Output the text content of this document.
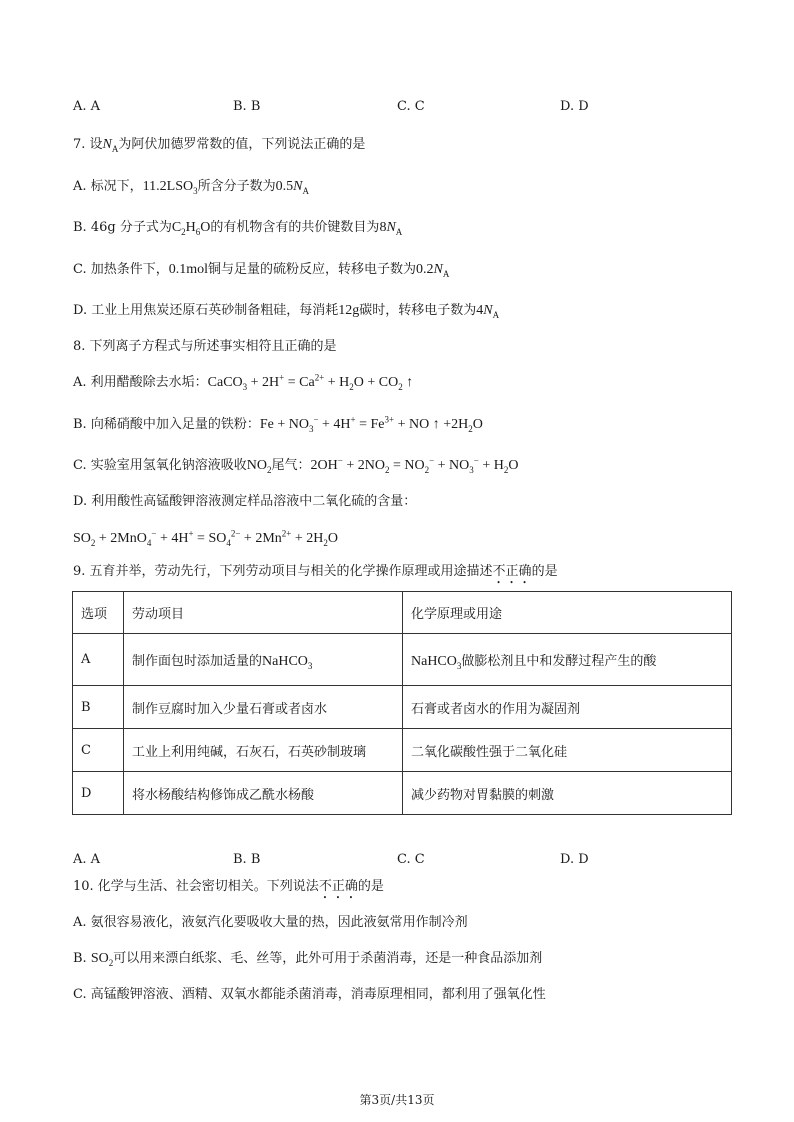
A. A	B. B	C. C	D. D
7. 设$N_A$为阿伏加德罗常数的值，下列说法正确的是
A. 标况下，$11.2LSO_3$所含分子数为$0.5N_A$
B. 46g 分子式为$C_2H_6O$的有机物含有的共价键数目为$8N_A$
C. 加热条件下，0.1mol铜与足量的硫粉反应，转移电子数为$0.2N_A$
D. 工业上用焦炭还原石英砂制备粗硅，每消耗12g碳时，转移电子数为$4N_A$
8. 下列离子方程式与所述事实相符且正确的是
A. 利用醋酸除去水垢：CaCO$_3$ + $2H^+ = Ca^{2+} + H_2O + CO_2$ ↑
B. 向稀硝酸中加入足量的铁粉：$Fe + NO_3^- + 4H^+ = Fe^{3+}$ + NO ↑ $+2H_2O$
C. 实验室用氢氧化钠溶液吸收$NO_2$尾气：$2OH^- + 2NO_2 = NO_2^- + NO_3^- + H_2O$
D. 利用酸性高锰酸钾溶液测定样品溶液中二氧化硫的含量：
$SO_2 + 2MnO_4^- + 4H^+ = SO_4^{2-} + 2Mn^{2+} + 2H_2O$
9. 五育并举，劳动先行，下列劳动项目与相关的化学操作原理或用途描述不正确的是
选项	劳动项目	化学原理或用途
A	制作面包时添加适量的NaHCO$_3$	NaHCO$_3$做膨松剂且中和发酵过程产生的酸
B	制作豆腐时加入少量石膏或者卤水	石膏或者卤水的作用为凝固剂
C	工业上利用纯碱，石灰石，石英砂制玻璃	二氧化碳酸性强于二氧化硅
D	将水杨酸结构修饰成乙酰水杨酸	减少药物对胃黏膜的刺激
A. A	B. B	C. C	D. D
10. 化学与生活、社会密切相关。下列说法不正确的是
A. 氨很容易液化，液氨汽化要吸收大量的热，因此液氨常用作制冷剂
B. $SO_2$可以用来漂白纸浆、毛、丝等，此外可用于杀菌消毒，还是一种食品添加剂
C. 高锰酸钾溶液、酒精、双氧水都能杀菌消毒，消毒原理相同，都利用了强氧化性
第3页/共13页
